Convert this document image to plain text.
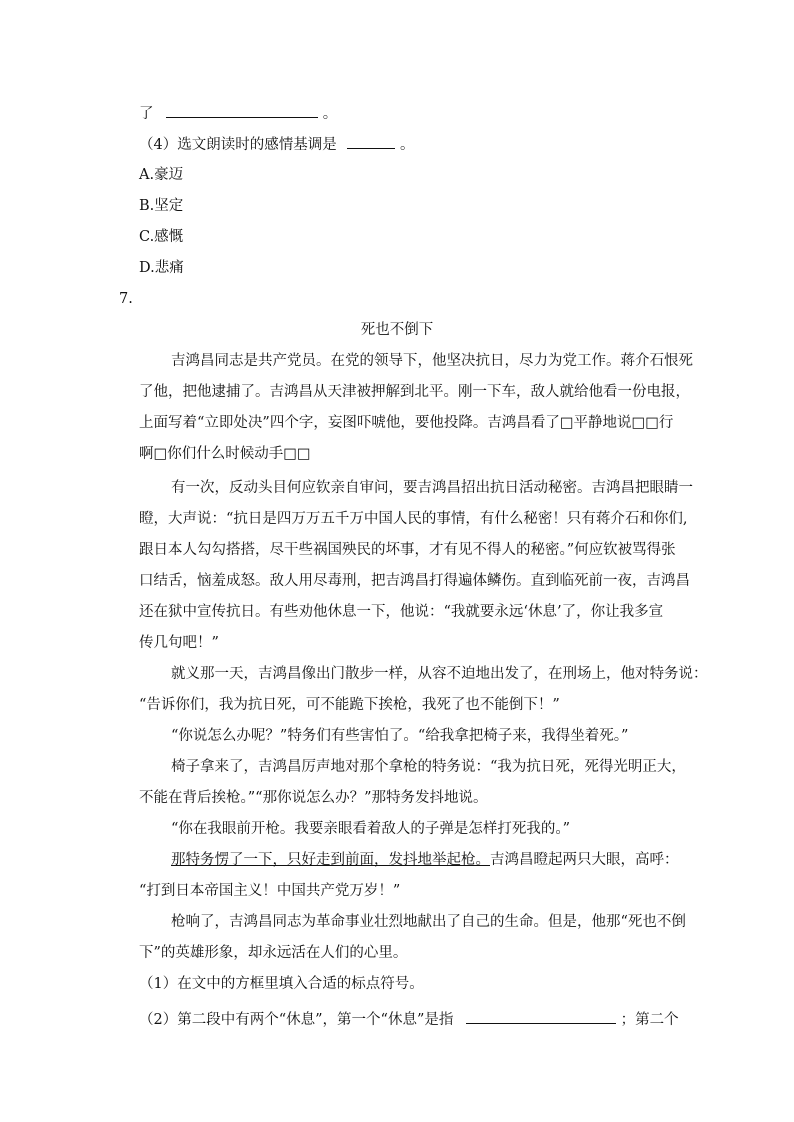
了	。
（4）选文朗读时的感情基调是	。
A.豪迈
B.坚定
C.感慨
D.悲痛
7.
死也不倒下
吉鸿昌同志是共产党员。在党的领导下，他坚决抗日，尽力为党工作。蒋介石恨死
了他，把他逮捕了。吉鸿昌从天津被押解到北平。刚一下车，敌人就给他看一份电报，
上面写着“立即处决”四个字，妄图吓唬他，要他投降。吉鸿昌看了□平静地说□□行
啊□你们什么时候动手□□
有一次，反动头目何应钦亲自审问，要吉鸿昌招出抗日活动秘密。吉鸿昌把眼睛一
瞪，大声说：“抗日是四万万五千万中国人民的事情，有什么秘密！只有蒋介石和你们,
跟日本人勾勾搭搭，尽干些祸国殃民的坏事，才有见不得人的秘密。”何应钦被骂得张
口结舌，恼羞成怒。敌人用尽毒刑，把吉鸿昌打得遍体鳞伤。直到临死前一夜，吉鸿昌
还在狱中宣传抗日。有些劝他休息一下，他说：“我就要永远‘休息’了，你让我多宣
传几句吧！”
就义那一天，吉鸿昌像出门散步一样，从容不迫地出发了，在刑场上，他对特务说：
“告诉你们，我为抗日死，可不能跪下挨枪，我死了也不能倒下！”
“你说怎么办呢？”特务们有些害怕了。“给我拿把椅子来，我得坐着死。”
椅子拿来了，吉鸿昌厉声地对那个拿枪的特务说：“我为抗日死，死得光明正大，
不能在背后挨枪。”“那你说怎么办？”那特务发抖地说。
“你在我眼前开枪。我要亲眼看着敌人的子弹是怎样打死我的。”
那特务愣了一下，只好走到前面，发抖地举起枪。吉鸿昌瞪起两只大眼，高呼：
“打到日本帝国主义！中国共产党万岁！”
枪响了，吉鸿昌同志为革命事业壮烈地献出了自己的生命。但是，他那“死也不倒
下”的英雄形象，却永远活在人们的心里。
（1）在文中的方框里填入合适的标点符号。
（2）第二段中有两个“休息”，第一个“休息”是指	；第二个
